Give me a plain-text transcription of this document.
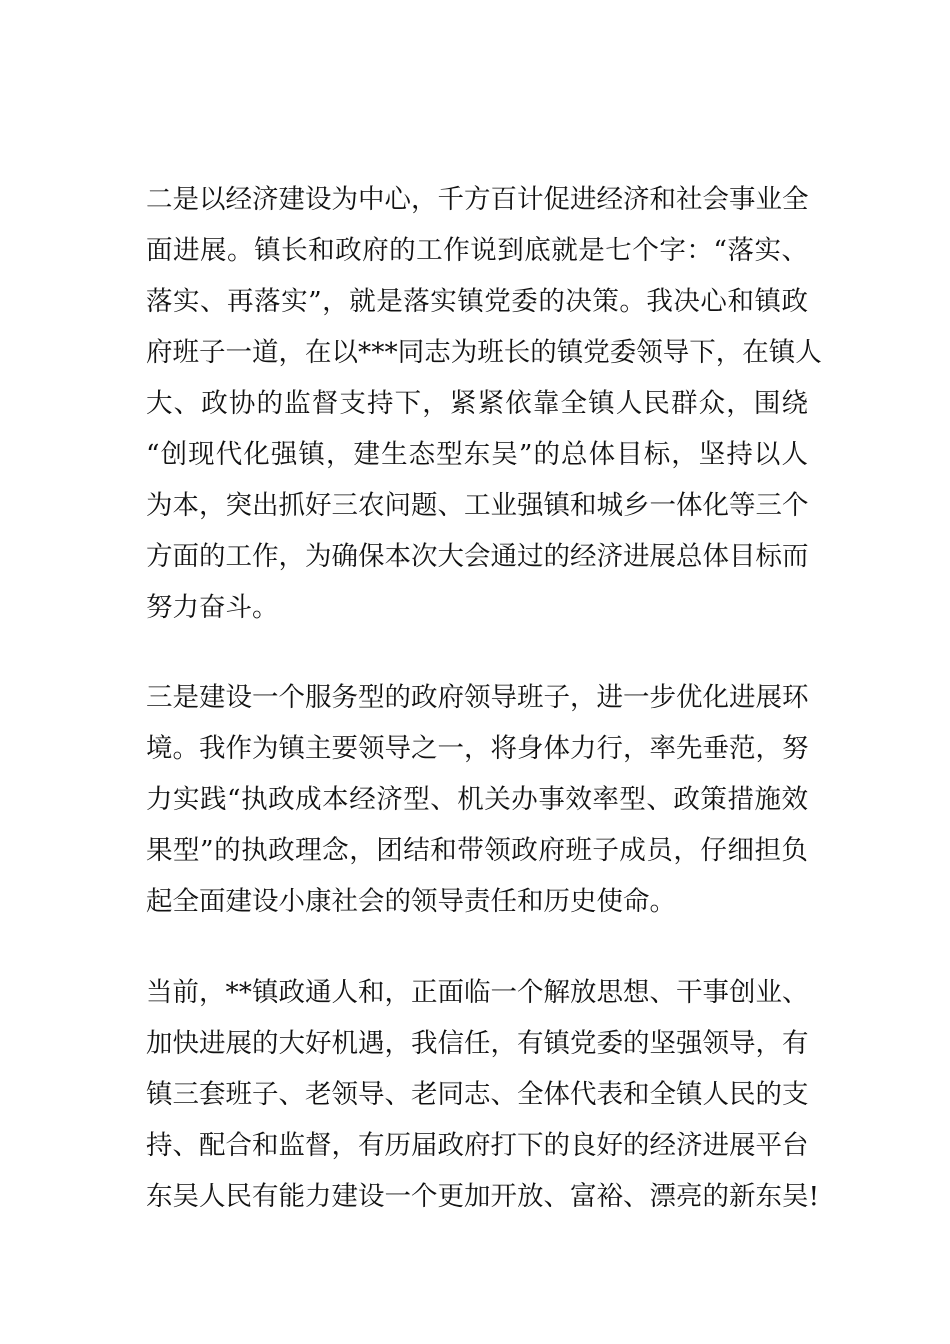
二是以经济建设为中心，千方百计促进经济和社会事业全
面进展。镇长和政府的工作说到底就是七个字：“落实、
落实、再落实”，就是落实镇党委的决策。我决心和镇政
府班子一道，在以***同志为班长的镇党委领导下，在镇人
大、政协的监督支持下，紧紧依靠全镇人民群众，围绕
“创现代化强镇，建生态型东吴”的总体目标，坚持以人
为本，突出抓好三农问题、工业强镇和城乡一体化等三个
方面的工作，为确保本次大会通过的经济进展总体目标而
努力奋斗。
三是建设一个服务型的政府领导班子，进一步优化进展环
境。我作为镇主要领导之一，将身体力行，率先垂范，努
力实践“执政成本经济型、机关办事效率型、政策措施效
果型”的执政理念，团结和带领政府班子成员，仔细担负
起全面建设小康社会的领导责任和历史使命。
当前，**镇政通人和，正面临一个解放思想、干事创业、
加快进展的大好机遇，我信任，有镇党委的坚强领导，有
镇三套班子、老领导、老同志、全体代表和全镇人民的支
持、配合和监督，有历届政府打下的良好的经济进展平台
东吴人民有能力建设一个更加开放、富裕、漂亮的新东吴!
